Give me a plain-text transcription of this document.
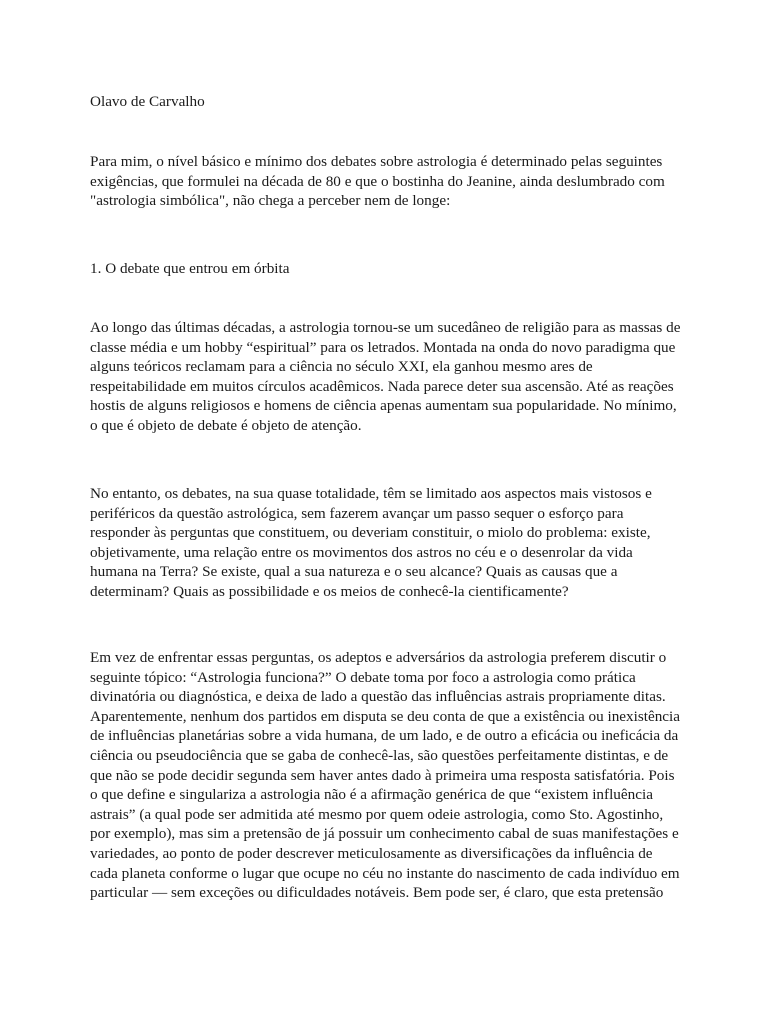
Olavo de Carvalho

Para mim, o nível básico e mínimo dos debates sobre astrologia é determinado pelas seguintes
exigências, que formulei na década de 80 e que o bostinha do Jeanine, ainda deslumbrado com
"astrologia simbólica", não chega a perceber nem de longe:

1. O debate que entrou em órbita

Ao longo das últimas décadas, a astrologia tornou-se um sucedâneo de religião para as massas de
classe média e um hobby “espiritual” para os letrados. Montada na onda do novo paradigma que
alguns teóricos reclamam para a ciência no século XXI, ela ganhou mesmo ares de
respeitabilidade em muitos círculos acadêmicos. Nada parece deter sua ascensão. Até as reações
hostis de alguns religiosos e homens de ciência apenas aumentam sua popularidade. No mínimo,
o que é objeto de debate é objeto de atenção.

No entanto, os debates, na sua quase totalidade, têm se limitado aos aspectos mais vistosos e
periféricos da questão astrológica, sem fazerem avançar um passo sequer o esforço para
responder às perguntas que constituem, ou deveriam constituir, o miolo do problema: existe,
objetivamente, uma relação entre os movimentos dos astros no céu e o desenrolar da vida
humana na Terra? Se existe, qual a sua natureza e o seu alcance? Quais as causas que a
determinam? Quais as possibilidade e os meios de conhecê-la cientificamente?

Em vez de enfrentar essas perguntas, os adeptos e adversários da astrologia preferem discutir o
seguinte tópico: “Astrologia funciona?” O debate toma por foco a astrologia como prática
divinatória ou diagnóstica, e deixa de lado a questão das influências astrais propriamente ditas.
Aparentemente, nenhum dos partidos em disputa se deu conta de que a existência ou inexistência
de influências planetárias sobre a vida humana, de um lado, e de outro a eficácia ou ineficácia da
ciência ou pseudociência que se gaba de conhecê-las, são questões perfeitamente distintas, e de
que não se pode decidir segunda sem haver antes dado à primeira uma resposta satisfatória. Pois
o que define e singulariza a astrologia não é a afirmação genérica de que “existem influência
astrais” (a qual pode ser admitida até mesmo por quem odeie astrologia, como Sto. Agostinho,
por exemplo), mas sim a pretensão de já possuir um conhecimento cabal de suas manifestações e
variedades, ao ponto de poder descrever meticulosamente as diversificações da influência de
cada planeta conforme o lugar que ocupe no céu no instante do nascimento de cada indivíduo em
particular — sem exceções ou dificuldades notáveis. Bem pode ser, é claro, que esta pretensão
